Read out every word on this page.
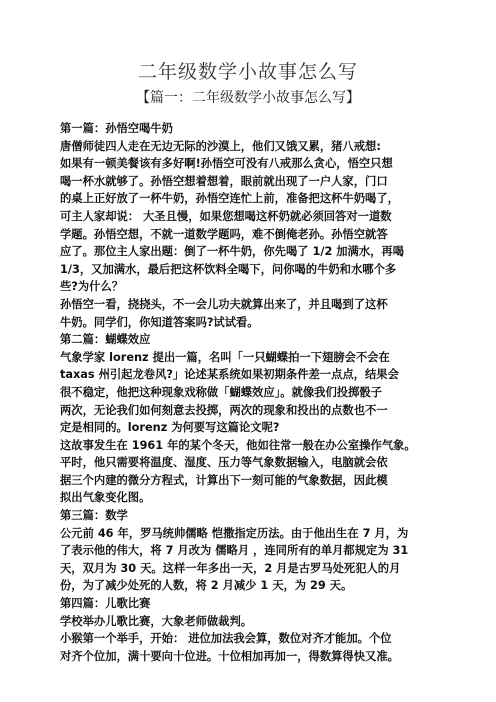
二年级数学小故事怎么写
【篇一：二年级数学小故事怎么写】
第一篇：孙悟空喝牛奶
唐僧师徒四人走在无边无际的沙漠上，他们又饿又累，猪八戒想:
如果有一顿美餐该有多好啊!孙悟空可没有八戒那么贪心，悟空只想
喝一杯水就够了。孙悟空想着想着，眼前就出现了一户人家，门口
的桌上正好放了一杯牛奶，孙悟空连忙上前，准备把这杯牛奶喝了，
可主人家却说： 大圣且慢，如果您想喝这杯奶就必须回答对一道数
学题。孙悟空想，不就一道数学题吗，难不倒俺老孙。孙悟空就答
应了。那位主人家出题：倒了一杯牛奶，你先喝了 1/2 加满水，再喝
1/3，又加满水，最后把这杯饮料全喝下，问你喝的牛奶和水哪个多
些?为什么？
孙悟空一看，挠挠头，不一会儿功夫就算出来了，并且喝到了这杯
牛奶。同学们，你知道答案吗?试试看。
第二篇：蝴蝶效应
气象学家 lorenz 提出一篇，名叫「一只蝴蝶拍一下翅膀会不会在
taxas 州引起龙卷风?」论述某系统如果初期条件差一点点，结果会
很不稳定，他把这种现象戏称做「蝴蝶效应」。就像我们投掷骰子
两次，无论我们如何刻意去投掷，两次的现象和投出的点数也不一
定是相同的。lorenz 为何要写这篇论文呢?
这故事发生在 1961 年的某个冬天，他如往常一般在办公室操作气象。
平时，他只需要将温度、湿度、压力等气象数据输入，电脑就会依
据三个内建的微分方程式，计算出下一刻可能的气象数据，因此模
拟出气象变化图。
第三篇：数学
公元前 46 年，罗马统帅儒略 恺撒指定历法。由于他出生在 7 月，为
了表示他的伟大，将 7 月改为 儒略月 ，连同所有的单月都规定为 31
天，双月为 30 天。这样一年多出一天，2 月是古罗马处死犯人的月
份，为了减少处死的人数，将 2 月减少 1 天，为 29 天。
第四篇：儿歌比赛
学校举办儿歌比赛，大象老师做裁判。
小猴第一个举手，开始： 进位加法我会算，数位对齐才能加。个位
对齐个位加，满十要向十位进。十位相加再加一，得数算得快又准。
